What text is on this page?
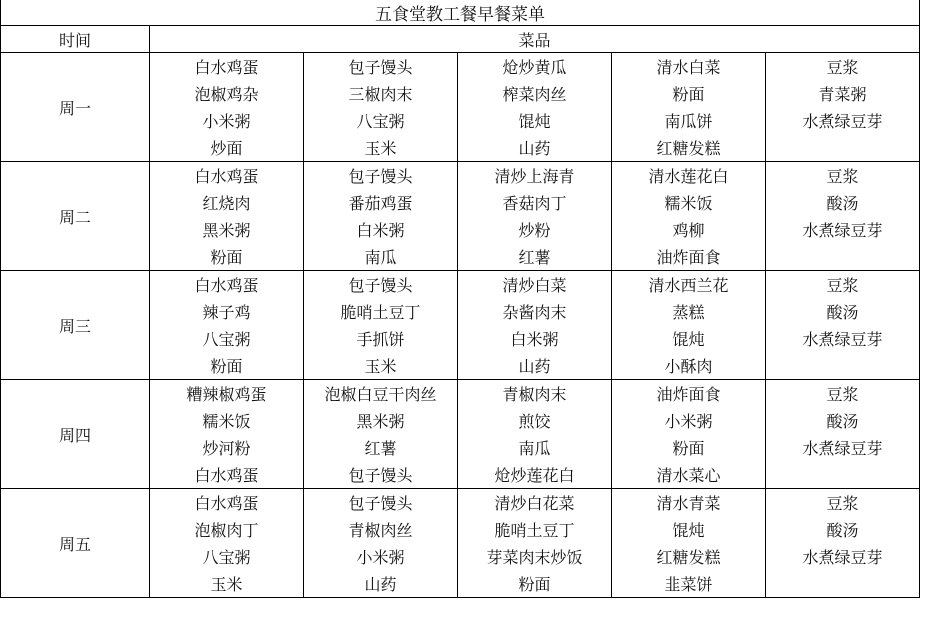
五食堂教工餐早餐菜单					
时间	菜品				
周一	白水鸡蛋	包子馒头	炝炒黄瓜	清水白菜	豆浆
	泡椒鸡杂	三椒肉末	榨菜肉丝	粉面	青菜粥
	小米粥	八宝粥	馄炖	南瓜饼	水煮绿豆芽
	炒面	玉米	山药	红糖发糕	
周二	白水鸡蛋	包子馒头	清炒上海青	清水莲花白	豆浆
	红烧肉	番茄鸡蛋	香菇肉丁	糯米饭	酸汤
	黑米粥	白米粥	炒粉	鸡柳	水煮绿豆芽
	粉面	南瓜	红薯	油炸面食	
周三	白水鸡蛋	包子馒头	清炒白菜	清水西兰花	豆浆
	辣子鸡	脆哨土豆丁	杂酱肉末	蒸糕	酸汤
	八宝粥	手抓饼	白米粥	馄炖	水煮绿豆芽
	粉面	玉米	山药	小酥肉	
周四	糟辣椒鸡蛋	泡椒白豆干肉丝	青椒肉末	油炸面食	豆浆
	糯米饭	黑米粥	煎饺	小米粥	酸汤
	炒河粉	红薯	南瓜	粉面	水煮绿豆芽
	白水鸡蛋	包子馒头	炝炒莲花白	清水菜心	
周五	白水鸡蛋	包子馒头	清炒白花菜	清水青菜	豆浆
	泡椒肉丁	青椒肉丝	脆哨土豆丁	馄炖	酸汤
	八宝粥	小米粥	芽菜肉末炒饭	红糖发糕	水煮绿豆芽
	玉米	山药	粉面	韭菜饼	
